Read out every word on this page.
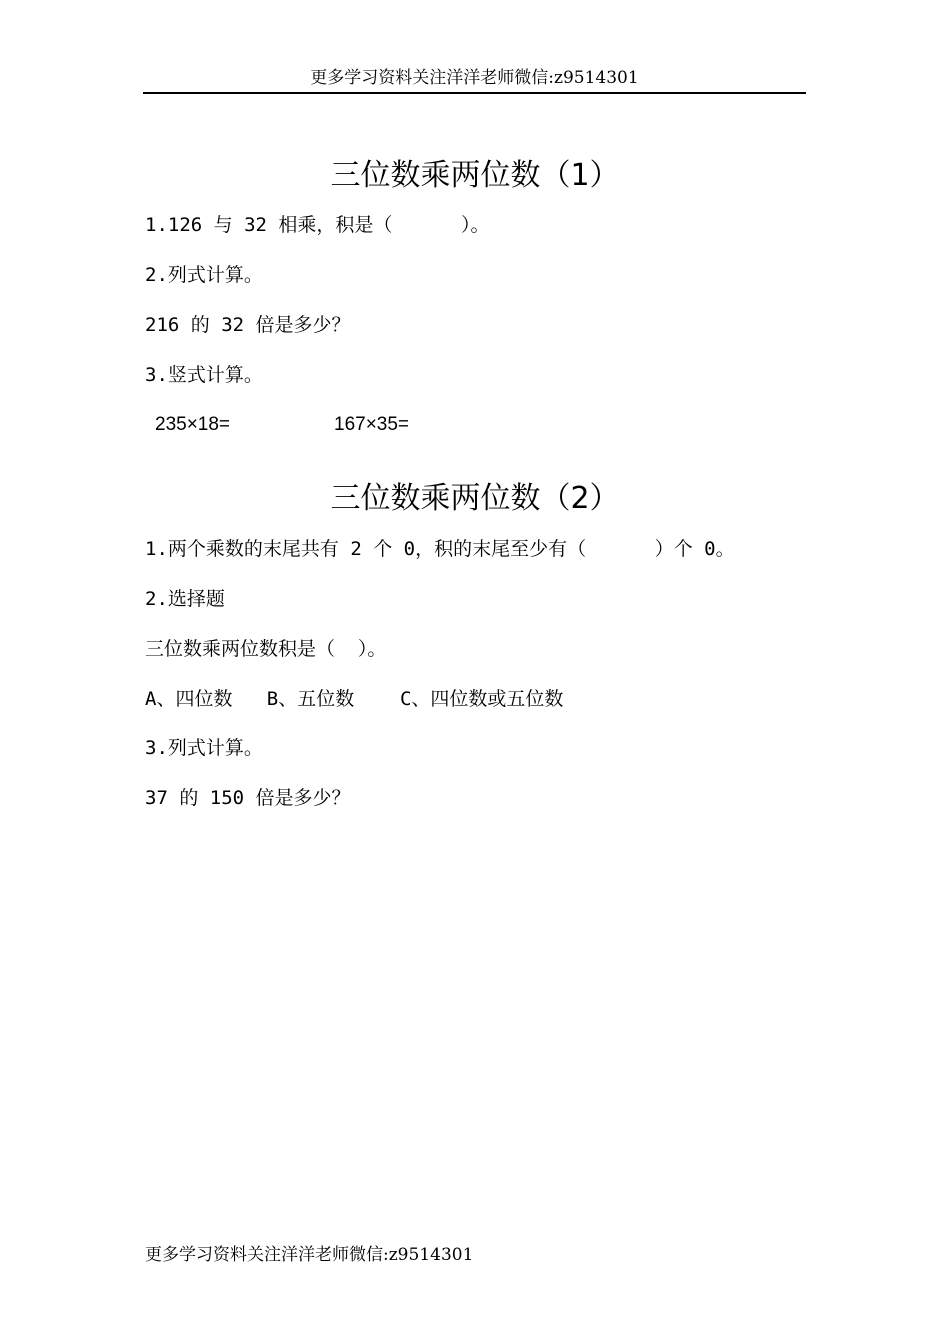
更多学习资料关注洋洋老师微信:z9514301
三位数乘两位数（1）
1.126 与 32 相乘，积是（      ）。
2.列式计算。
216 的 32 倍是多少？
3.竖式计算。
235×18=	167×35=
三位数乘两位数（2）
1.两个乘数的末尾共有 2 个 0，积的末尾至少有（      ）个 0。
2.选择题
三位数乘两位数积是（  ）。
A、四位数   B、五位数    C、四位数或五位数
3.列式计算。
37 的 150 倍是多少？
更多学习资料关注洋洋老师微信:z9514301
